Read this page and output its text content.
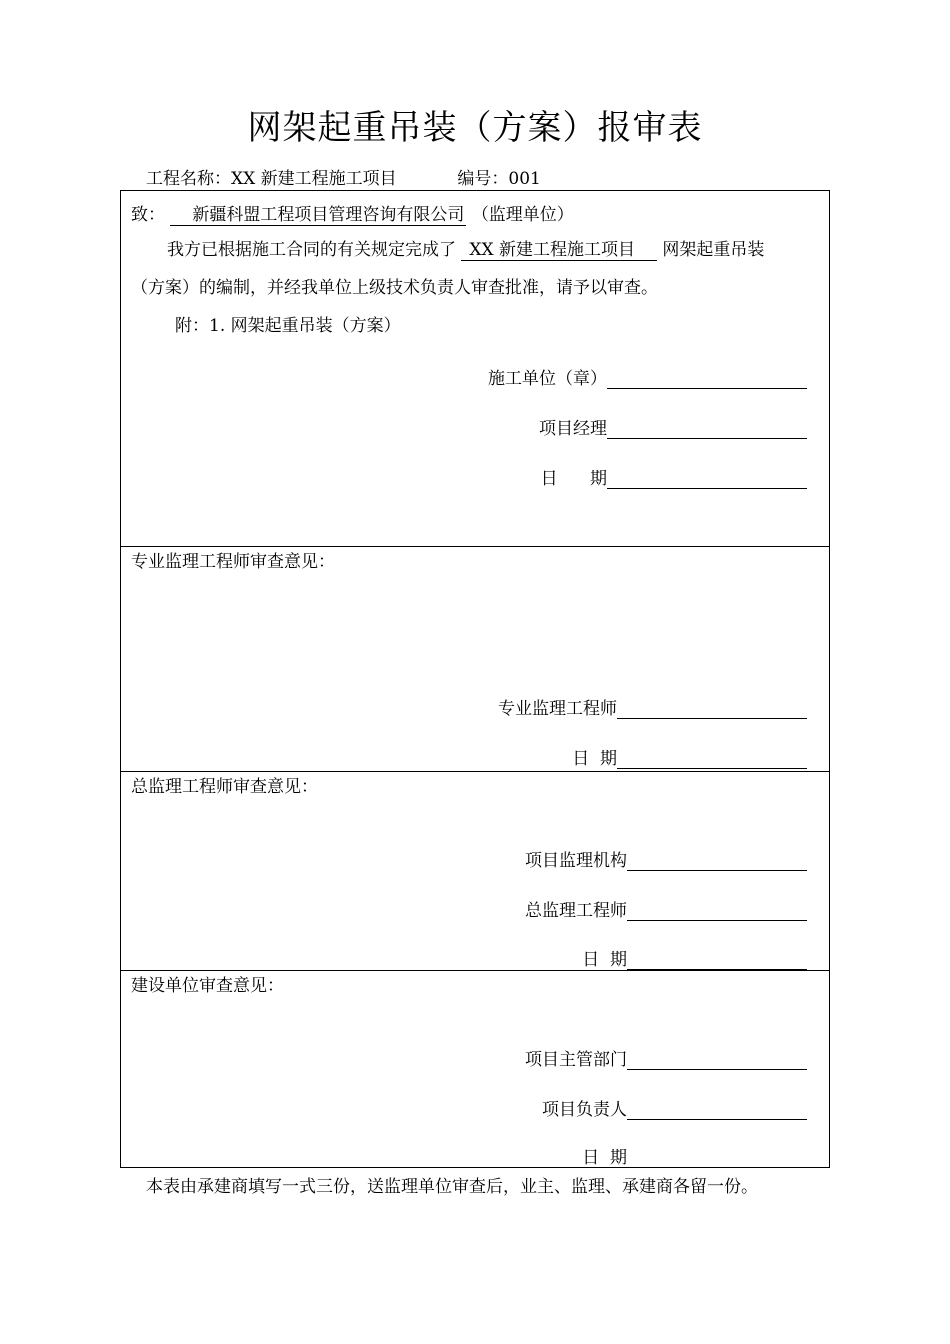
网架起重吊装（方案）报审表
工程名称：XX 新建工程施工项目	编号：001
致： 新疆科盟工程项目管理咨询有限公司 （监理单位）
我方已根据施工合同的有关规定完成了 XX 新建工程施工项目 网架起重吊装
（方案）的编制，并经我单位上级技术负责人审查批准，请予以审查。
附：1. 网架起重吊装（方案）
施工单位（章）
项目经理
日      期
专业监理工程师审查意见：
专业监理工程师
日  期
总监理工程师审查意见：
项目监理机构
总监理工程师
日  期
建设单位审查意见：
项目主管部门
项目负责人
日  期
本表由承建商填写一式三份，送监理单位审查后，业主、监理、承建商各留一份。
